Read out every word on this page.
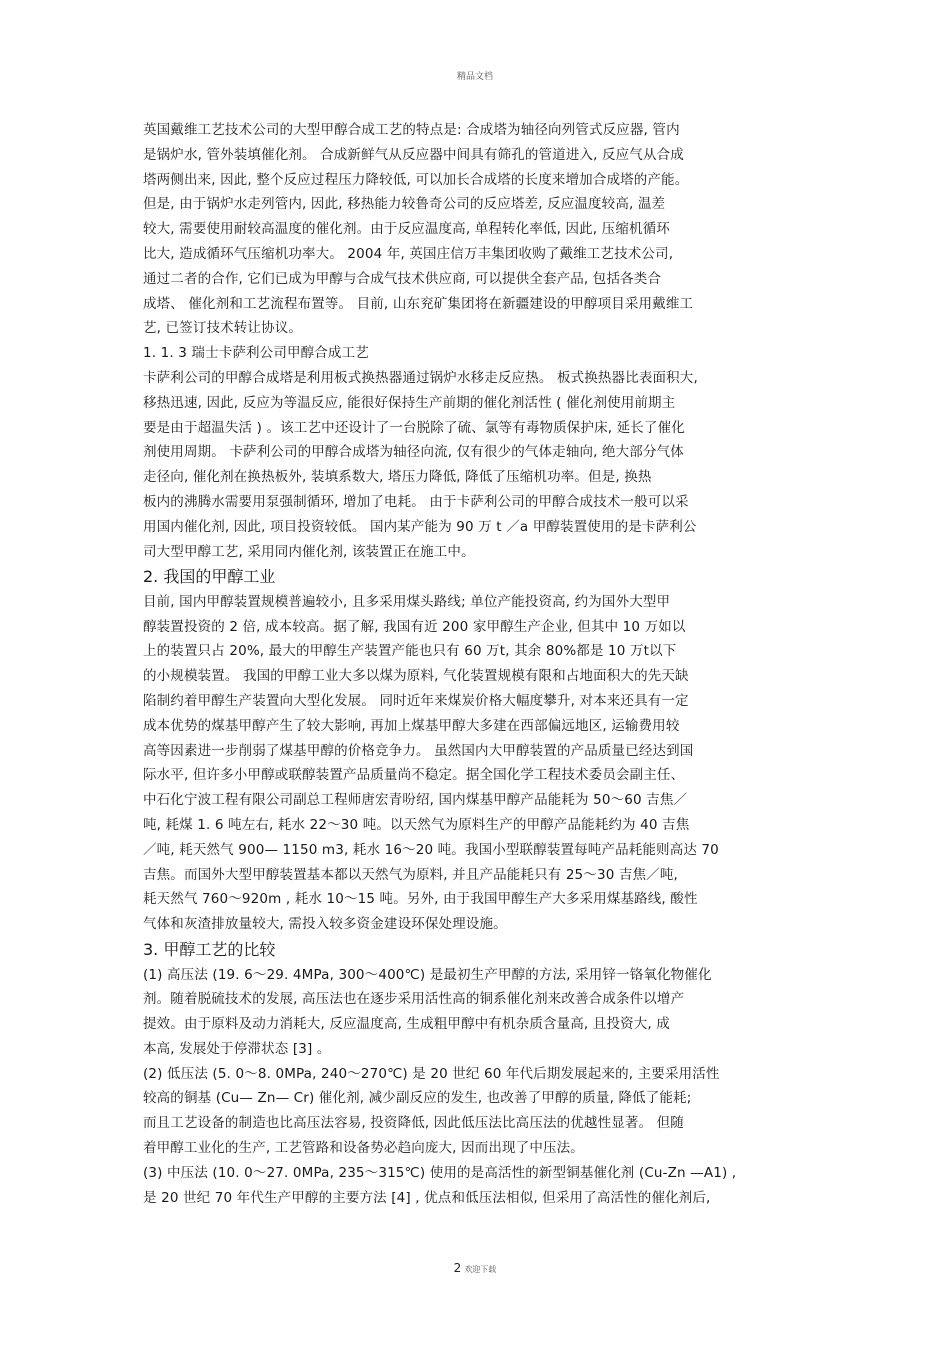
精品文档
英国戴维工艺技术公司的大型甲醇合成工艺的特点是: 合成塔为轴径向列管式反应器, 管内
是锅炉水, 管外装填催化剂。 合成新鲜气从反应器中间具有筛孔的管道进入, 反应气从合成
塔两侧出来, 因此, 整个反应过程压力降较低, 可以加长合成塔的长度来增加合成塔的产能。
但是, 由于锅炉水走列管内, 因此, 移热能力较鲁奇公司的反应塔差, 反应温度较高, 温差
较大, 需要使用耐较高温度的催化剂。由于反应温度高, 单程转化率低, 因此, 压缩机循环
比大, 造成循环气压缩机功率大。 2004 年, 英国庄信万丰集团收购了戴维工艺技术公司,
通过二者的合作, 它们已成为甲醇与合成气技术供应商, 可以提供全套产品, 包括各类合
成塔、 催化剂和工艺流程布置等。 目前, 山东兖矿集团将在新疆建设的甲醇项目采用戴维工
艺, 已签订技术转让协议。
1. 1. 3 瑞士卡萨利公司甲醇合成工艺
卡萨利公司的甲醇合成塔是利用板式换热器通过锅炉水移走反应热。 板式换热器比表面积大,
移热迅速, 因此, 反应为等温反应, 能很好保持生产前期的催化剂活性 ( 催化剂使用前期主
要是由于超温失活 ) 。该工艺中还设计了一台脱除了硫、氯等有毒物质保护床, 延长了催化
剂使用周期。 卡萨利公司的甲醇合成塔为轴径向流, 仅有很少的气体走轴向, 绝大部分气体
走径向, 催化剂在换热板外, 装填系数大, 塔压力降低, 降低了压缩机功率。但是, 换热
板内的沸腾水需要用泵强制循环, 增加了电耗。 由于卡萨利公司的甲醇合成技术一般可以采
用国内催化剂, 因此, 项目投资较低。 国内某产能为 90 万 t ／a 甲醇装置使用的是卡萨利公
司大型甲醇工艺, 采用同内催化剂, 该装置正在施工中。
2. 我国的甲醇工业
目前, 国内甲醇装置规模普遍较小, 且多采用煤头路线; 单位产能投资高, 约为国外大型甲
醇装置投资的 2 倍, 成本较高。据了解, 我国有近 200 家甲醇生产企业, 但其中 10 万如以
上的装置只占 20%, 最大的甲醇生产装置产能也只有 60 万t, 其余 80%都是 10 万t以下
的小规模装置。 我国的甲醇工业大多以煤为原料, 气化装置规模有限和占地面积大的先天缺
陷制约着甲醇生产装置向大型化发展。 同时近年来煤炭价格大幅度攀升, 对本来还具有一定
成本优势的煤基甲醇产生了较大影响, 再加上煤基甲醇大多建在西部偏远地区, 运输费用较
高等因素进一步削弱了煤基甲醇的价格竞争力。 虽然国内大甲醇装置的产品质量已经达到国
际水平, 但许多小甲醇或联醇装置产品质量尚不稳定。据全国化学工程技术委员会副主任、
中石化宁波工程有限公司副总工程师唐宏青吩绍, 国内煤基甲醇产品能耗为 50～60 吉焦／
吨, 耗煤 1. 6 吨左右, 耗水 22～30 吨。以天然气为原料生产的甲醇产品能耗约为 40 吉焦
／吨, 耗天然气 900— 1150 m3, 耗水 16～20 吨。我国小型联醇装置每吨产品耗能则高达 70
吉焦。而国外大型甲醇装置基本都以天然气为原料, 并且产品能耗只有 25～30 吉焦／吨,
耗天然气 760～920m , 耗水 10～15 吨。另外, 由于我国甲醇生产大多采用煤基路线, 酸性
气体和灰渣排放量较大, 需投入较多资金建设环保处理设施。
3. 甲醇工艺的比较
(1) 高压法 (19. 6～29. 4MPa, 300～400℃) 是最初生产甲醇的方法, 采用锌一铬氧化物催化
剂。随着脱硫技术的发展, 高压法也在逐步采用活性高的铜系催化剂来改善合成条件以增产
提效。由于原料及动力消耗大, 反应温度高, 生成粗甲醇中有机杂质含量高, 且投资大, 成
本高, 发展处于停滞状态 [3] 。
(2) 低压法 (5. 0～8. 0MPa, 240～270℃) 是 20 世纪 60 年代后期发展起来的, 主要采用活性
较高的铜基 (Cu— Zn— Cr) 催化剂, 减少副反应的发生, 也改善了甲醇的质量, 降低了能耗;
而且工艺设备的制造也比高压法容易, 投资降低, 因此低压法比高压法的优越性显著。 但随
着甲醇工业化的生产, 工艺管路和设备势必趋向庞大, 因而出现了中压法。
(3) 中压法 (10. 0～27. 0MPa, 235～315℃) 使用的是高活性的新型铜基催化剂 (Cu-Zn —A1) ,
是 20 世纪 70 年代生产甲醇的主要方法 [4] , 优点和低压法相似, 但采用了高活性的催化剂后,
2 欢迎下载
